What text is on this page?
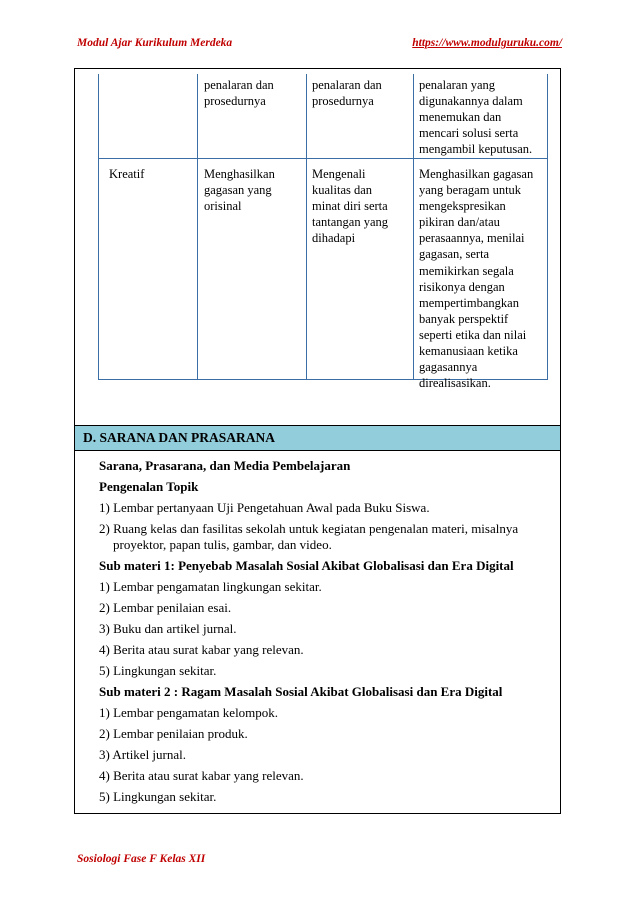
Modul Ajar Kurikulum Merdeka	https://www.modulguruku.com/
penalaran dan
prosedurnya
penalaran dan
prosedurnya
penalaran yang
digunakannya dalam
menemukan dan
mencari solusi serta
mengambil keputusan.
Kreatif	Menghasilkan
gagasan yang
orisinal
Mengenali
kualitas dan
minat diri serta
tantangan yang
dihadapi
Menghasilkan gagasan
yang beragam untuk
mengekspresikan
pikiran dan/atau
perasaannya, menilai
gagasan, serta
memikirkan segala
risikonya dengan
mempertimbangkan
banyak perspektif
seperti etika dan nilai
kemanusiaan ketika
gagasannya
direalisasikan.
D. SARANA DAN PRASARANA
Sarana, Prasarana, dan Media Pembelajaran
Pengenalan Topik
1) Lembar pertanyaan Uji Pengetahuan Awal pada Buku Siswa.
2) Ruang kelas dan fasilitas sekolah untuk kegiatan pengenalan materi, misalnya
proyektor, papan tulis, gambar, dan video.
Sub materi 1: Penyebab Masalah Sosial Akibat Globalisasi dan Era Digital
1) Lembar pengamatan lingkungan sekitar.
2) Lembar penilaian esai.
3) Buku dan artikel jurnal.
4) Berita atau surat kabar yang relevan.
5) Lingkungan sekitar.
Sub materi 2 : Ragam Masalah Sosial Akibat Globalisasi dan Era Digital
1) Lembar pengamatan kelompok.
2) Lembar penilaian produk.
3) Artikel jurnal.
4) Berita atau surat kabar yang relevan.
5) Lingkungan sekitar.
Sosiologi Fase F Kelas XII
